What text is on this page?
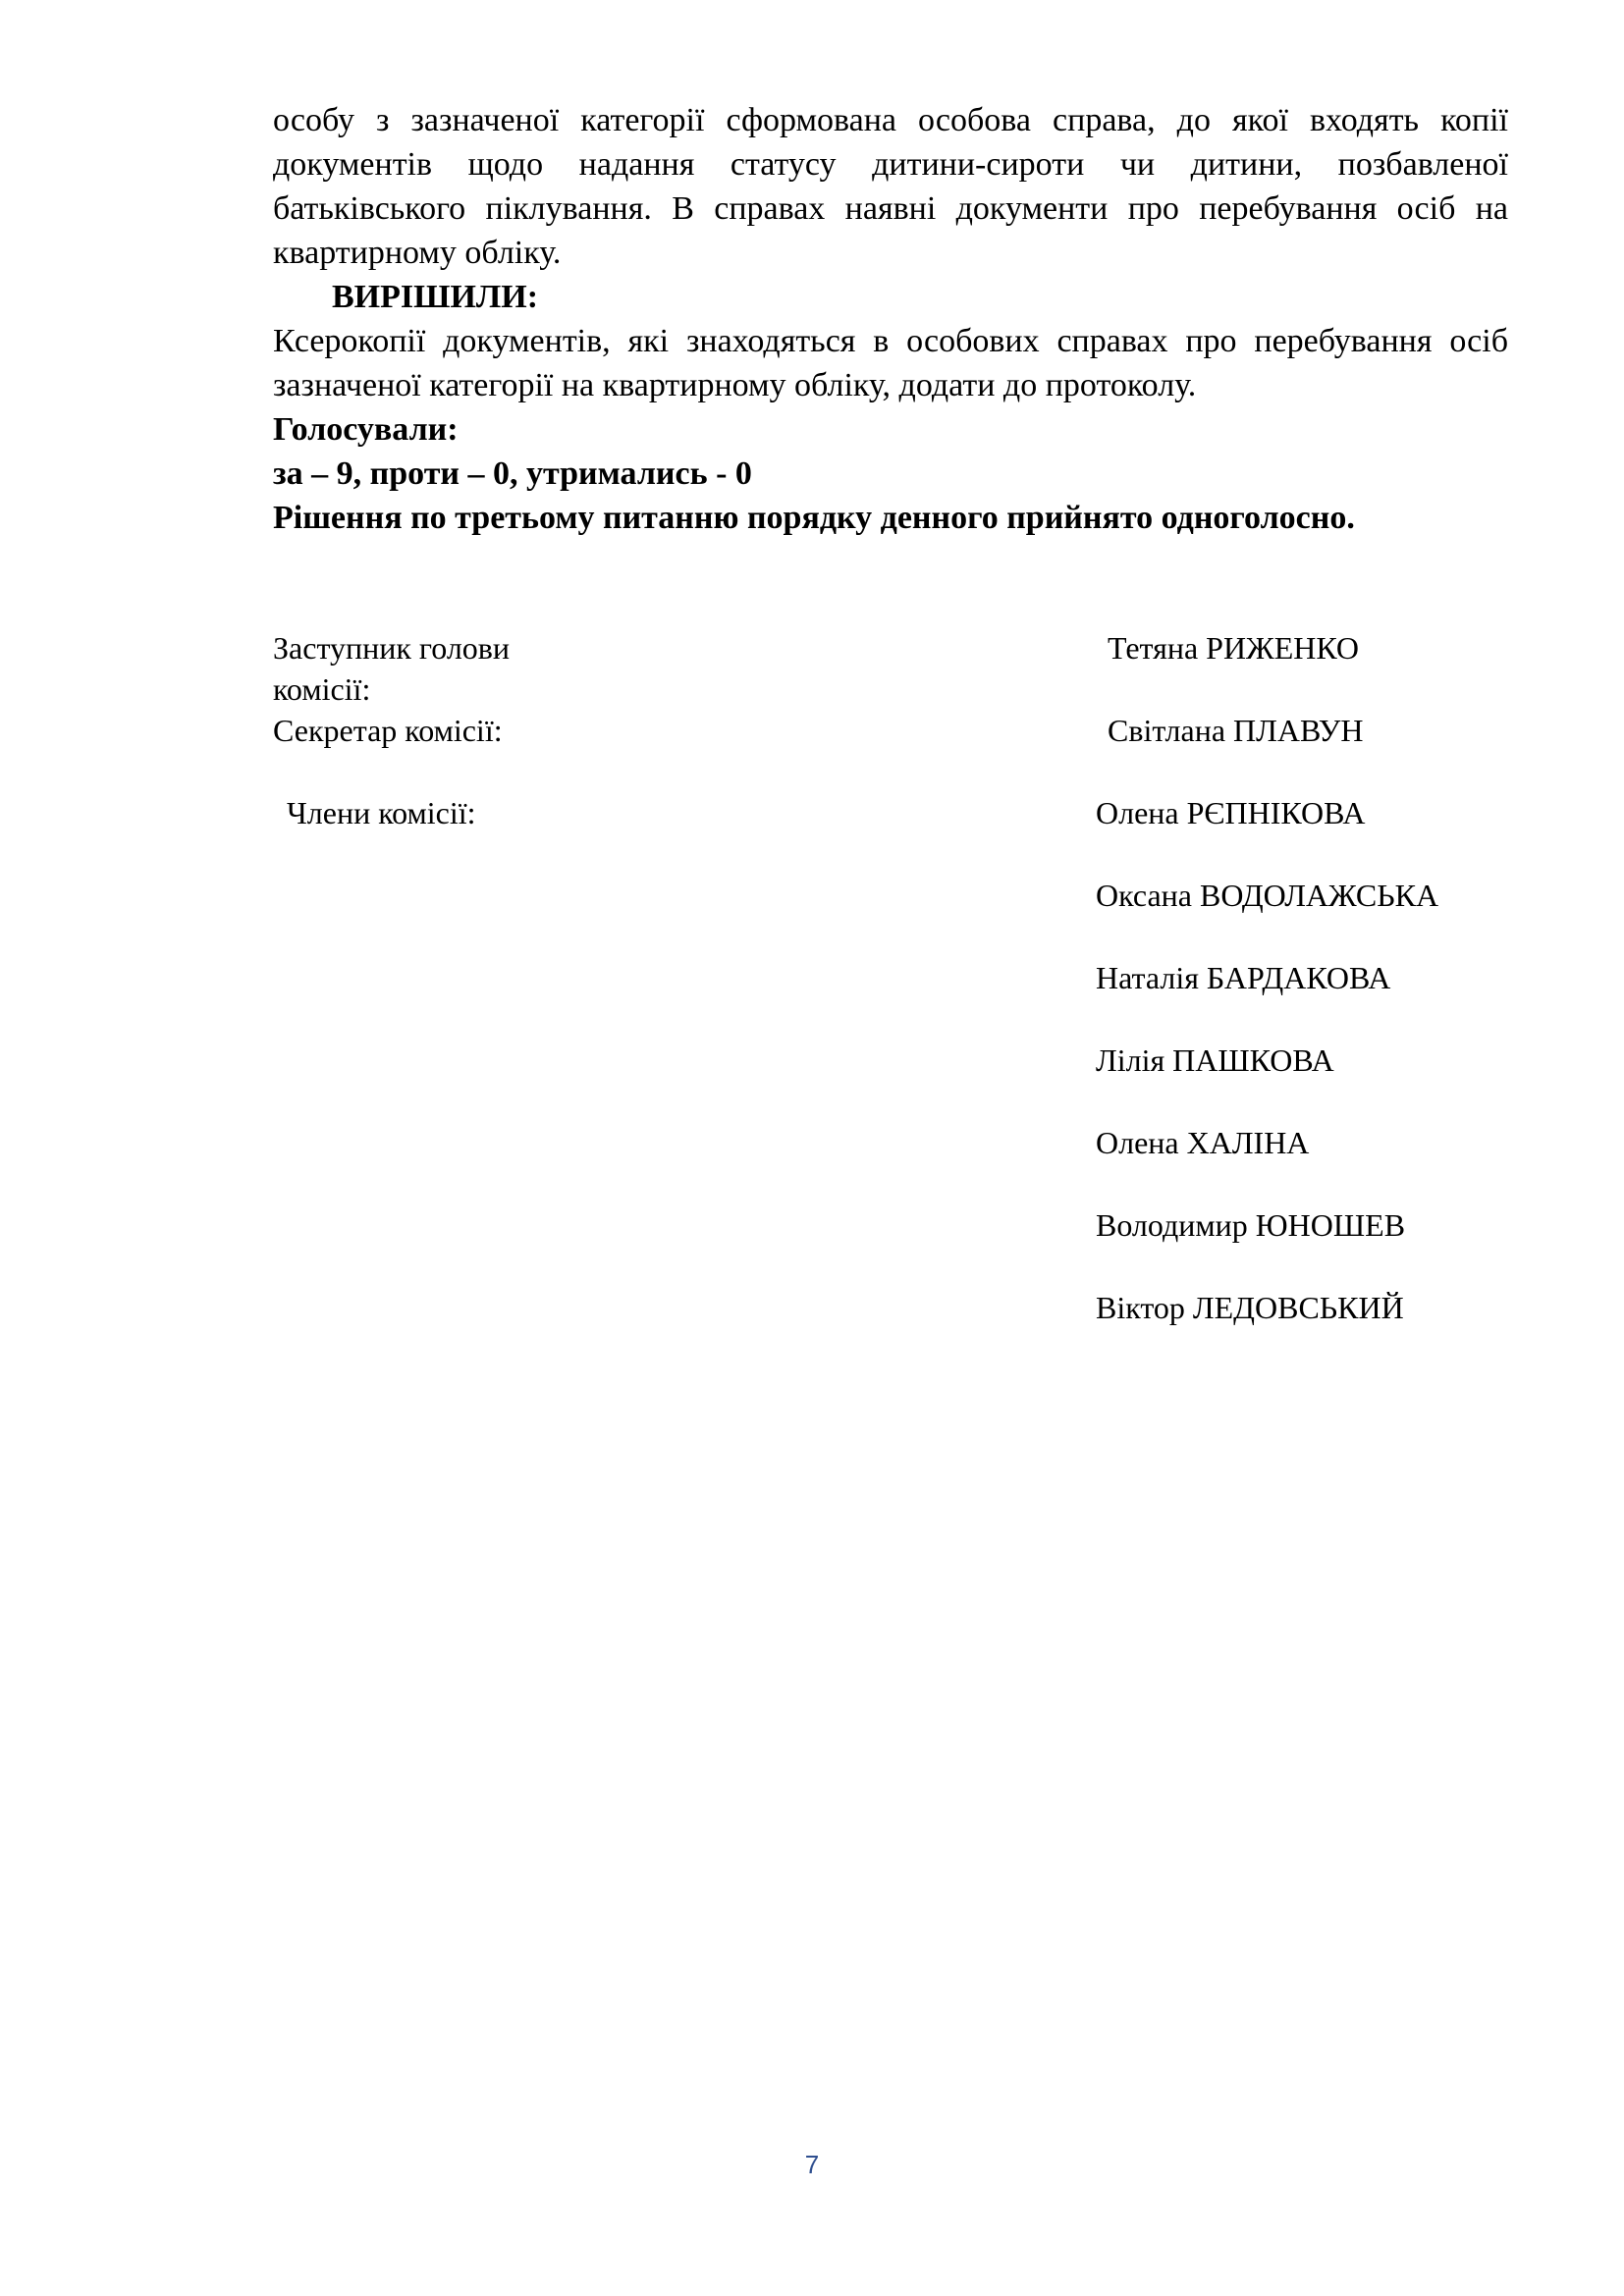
особу з зазначеної категорії сформована особова справа, до якої входять копії документів щодо надання статусу дитини-сироти чи дитини, позбавленої батьківського піклування. В справах наявні документи про перебування осіб на квартирному обліку.

ВИРІШИЛИ:

Ксерокопії документів, які знаходяться в особових справах про перебування осіб зазначеної категорії на квартирному обліку, додати до протоколу.

Голосували:

за – 9, проти – 0, утримались - 0

Рішення по третьому питанню порядку денного прийнято одноголосно.

Заступник голови
комісії:
Тетяна РИЖЕНКО
Секретар комісії:	Світлана ПЛАВУН
Члени комісії:	Олена РЄПНІКОВА
Оксана ВОДОЛАЖСЬКА
Наталія БАРДАКОВА
Лілія ПАШКОВА
Олена ХАЛІНА
Володимир ЮНОШЕВ
Віктор ЛЕДОВСЬКИЙ
7
